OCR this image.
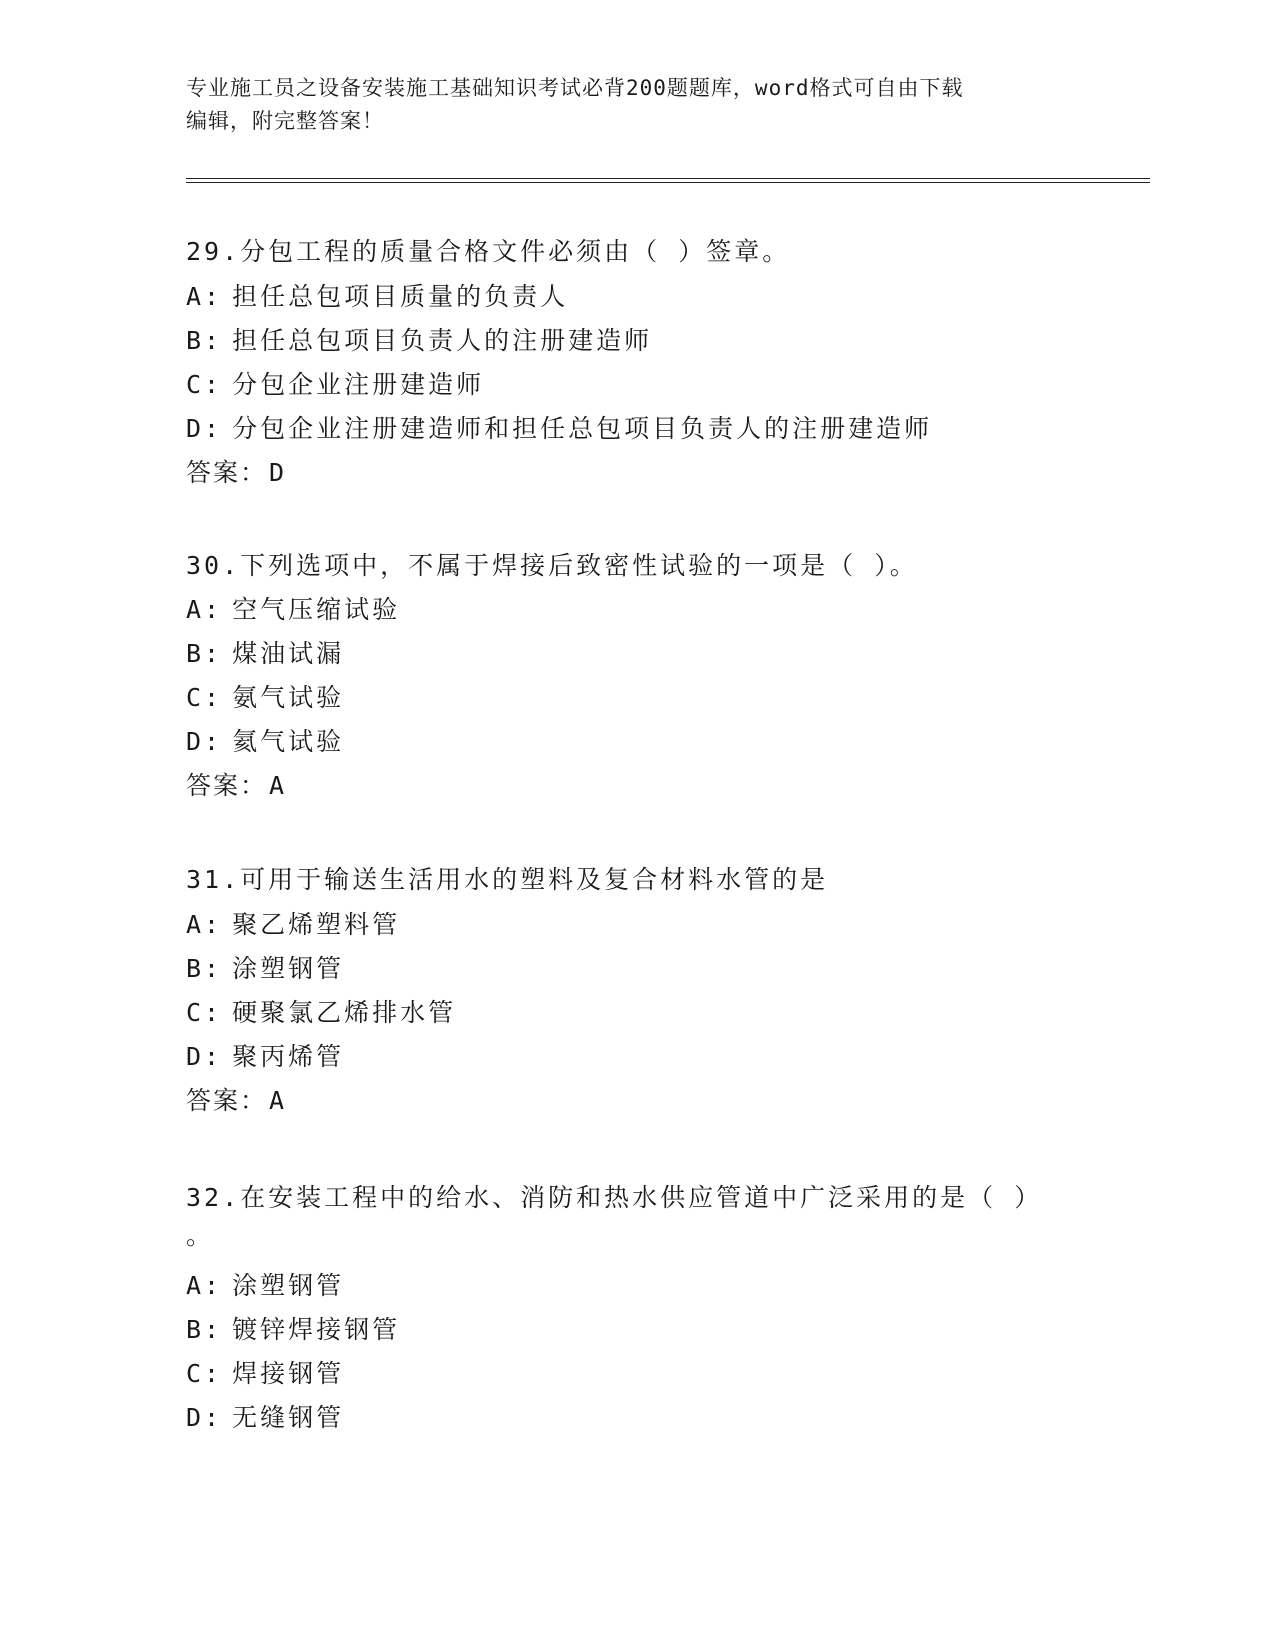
专业施工员之设备安装施工基础知识考试必背200题题库，word格式可自由下载
编辑，附完整答案！
29.分包工程的质量合格文件必须由（ ）签章。
A: 担任总包项目质量的负责人
B: 担任总包项目负责人的注册建造师
C: 分包企业注册建造师
D: 分包企业注册建造师和担任总包项目负责人的注册建造师
答案：D
30.下列选项中，不属于焊接后致密性试验的一项是（ ）。
A: 空气压缩试验
B: 煤油试漏
C: 氨气试验
D: 氦气试验
答案：A
31.可用于输送生活用水的塑料及复合材料水管的是
A: 聚乙烯塑料管
B: 涂塑钢管
C: 硬聚氯乙烯排水管
D: 聚丙烯管
答案：A
32.在安装工程中的给水、消防和热水供应管道中广泛采用的是（ ）
。
A: 涂塑钢管
B: 镀锌焊接钢管
C: 焊接钢管
D: 无缝钢管
